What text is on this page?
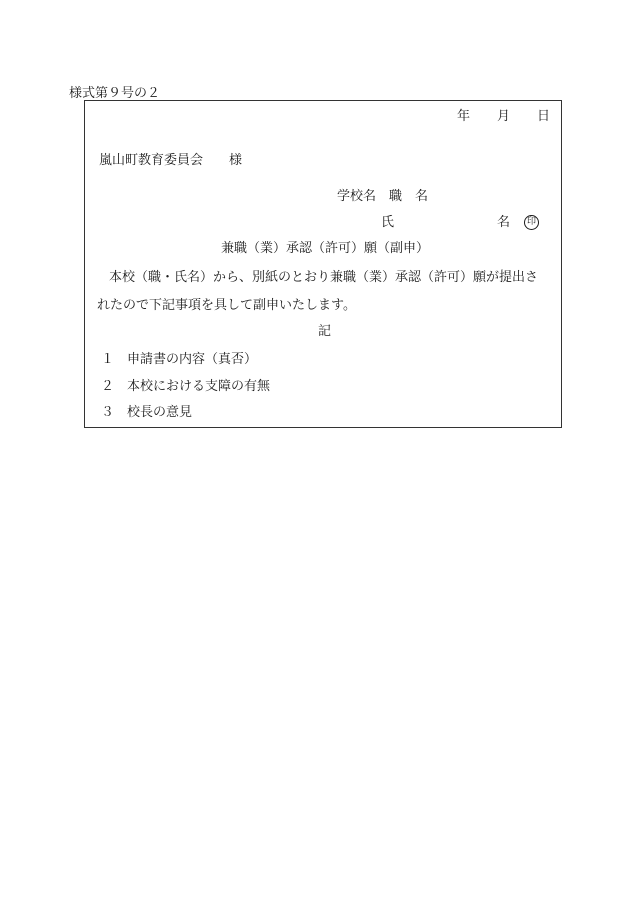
様式第９号の２
年 月 日
嵐山町教育委員会 様
学校名　職　名
氏	名	印
兼職（業）承認（許可）願（副申）
本校（職・氏名）から、別紙のとおり兼職（業）承認（許可）願が提出さ
れたので下記事項を具して副申いたします。
記
１ 申請書の内容（真否）
２ 本校における支障の有無
３ 校長の意見
